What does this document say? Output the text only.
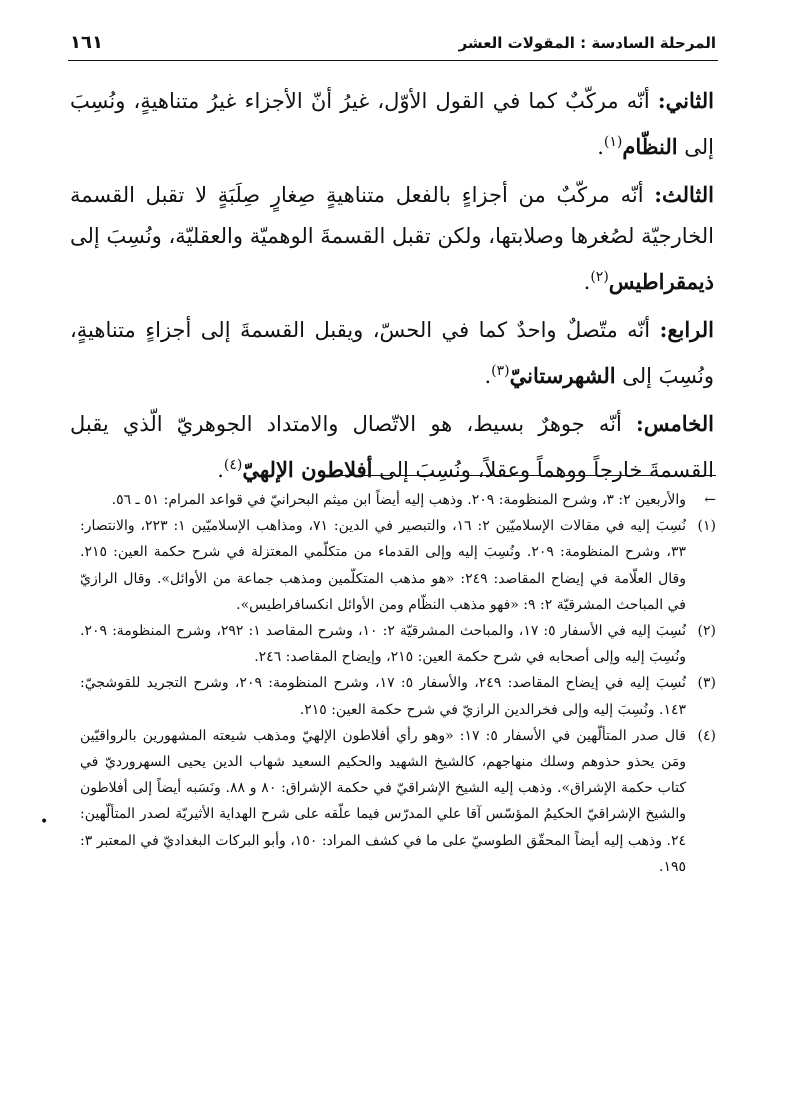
المرحلة السادسة : المقولات العشر
١٦١

الثاني: أنّه مركّبٌ كما في القول الأوّل، غيرُ أنّ الأجزاء غيرُ متناهيةٍ، ونُسِبَ إلى النظّام$^{(١)}$.

الثالث: أنّه مركّبٌ من أجزاءٍ بالفعل متناهيةٍ صِغارٍ صِلَبَةٍ لا تقبل القسمة الخارجيّة لصُغرها وصلابتها، ولكن تقبل القسمةَ الوهميّة والعقليّة، ونُسِبَ إلى ذيمقراطيس$^{(٢)}$.

الرابع: أنّه متّصلٌ واحدٌ كما في الحسّ، ويقبل القسمةَ إلى أجزاءٍ متناهيةٍ، ونُسِبَ إلى الشهرستانيّ$^{(٣)}$.

الخامس: أنّه جوهرٌ بسيط، هو الاتّصال والامتداد الجوهريّ الّذي يقبل القسمةَ خارجاً ووهماً وعقلاً، ونُسِبَ إلى أفلاطون الإلهيّ$^{(٤)}$.

←
والأربعين ٢: ٣، وشرح المنظومة: ٢٠٩. وذهب إليه أيضاً ابن ميثم البحرانيّ في قواعد المرام: ٥١ ـ ٥٦.
(١)
نُسِبَ إليه في مقالات الإسلاميّين ٢: ١٦، والتبصير في الدين: ٧١، ومذاهب الإسلاميّين ١: ٢٢٣، والانتصار: ٣٣، وشرح المنظومة: ٢٠٩. ونُسِبَ إليه وإلى القدماء من متكلّمي المعتزلة في شرح حكمة العين: ٢١٥. وقال العلّامة في إيضاح المقاصد: ٢٤٩: «هو مذهب المتكلّمين ومذهب جماعة من الأوائل». وقال الرازيّ في المباحث المشرقيّة ٢: ٩: «فهو مذهب النظّام ومن الأوائل انكسافراطيس».
(٢)
نُسِبَ إليه في الأسفار ٥: ١٧، والمباحث المشرقيّة ٢: ١٠، وشرح المقاصد ١: ٢٩٢، وشرح المنظومة: ٢٠٩. ونُسِبَ إليه وإلى أصحابه في شرح حكمة العين: ٢١٥، وإيضاح المقاصد: ٢٤٦.
(٣)
نُسِبَ إليه في إيضاح المقاصد: ٢٤٩، والأسفار ٥: ١٧، وشرح المنظومة: ٢٠٩، وشرح التجريد للقوشجيّ: ١٤٣. ونُسِبَ إليه وإلى فخرالدين الرازيّ في شرح حكمة العين: ٢١٥.
(٤)
قال صدر المتألّهين في الأسفار ٥: ١٧: «وهو رأي أفلاطون الإلهيّ ومذهب شيعته المشهورين بالرواقيّين ومَن يحذو حذوهم وسلك منهاجهم، كالشيخ الشهيد والحكيم السعيد شهاب الدين يحيى السهرورديّ في كتاب حكمة الإشراق». وذهب إليه الشيخ الإشراقيّ في حكمة الإشراق: ٨٠ و ٨٨. ونَسَبه أيضاً إلى أفلاطون والشيخ الإشراقيّ الحكيمُ المؤسّس آقا علي المدرّس فيما علّقه على شرح الهداية الأثيريّة لصدر المتألّهين: ٢٤. وذهب إليه أيضاً المحقّق الطوسيّ على ما في كشف المراد: ١٥٠، وأبو البركات البغداديّ في المعتبر ٣: ١٩٥.
•
